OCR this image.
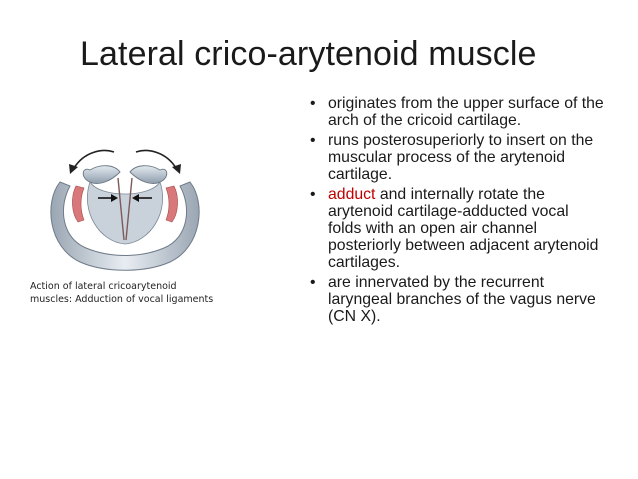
Lateral crico-arytenoid muscle
Action of lateral cricoarytenoid
muscles: Adduction of vocal ligaments
• originates from the upper surface of the arch of the cricoid cartilage.
• runs posterosuperiorly to insert on the muscular process of the arytenoid cartilage.
• adduct and internally rotate the arytenoid cartilage-adducted vocal folds with an open air channel posteriorly between adjacent arytenoid cartilages.
• are innervated by the recurrent laryngeal branches of the vagus nerve (CN X).
